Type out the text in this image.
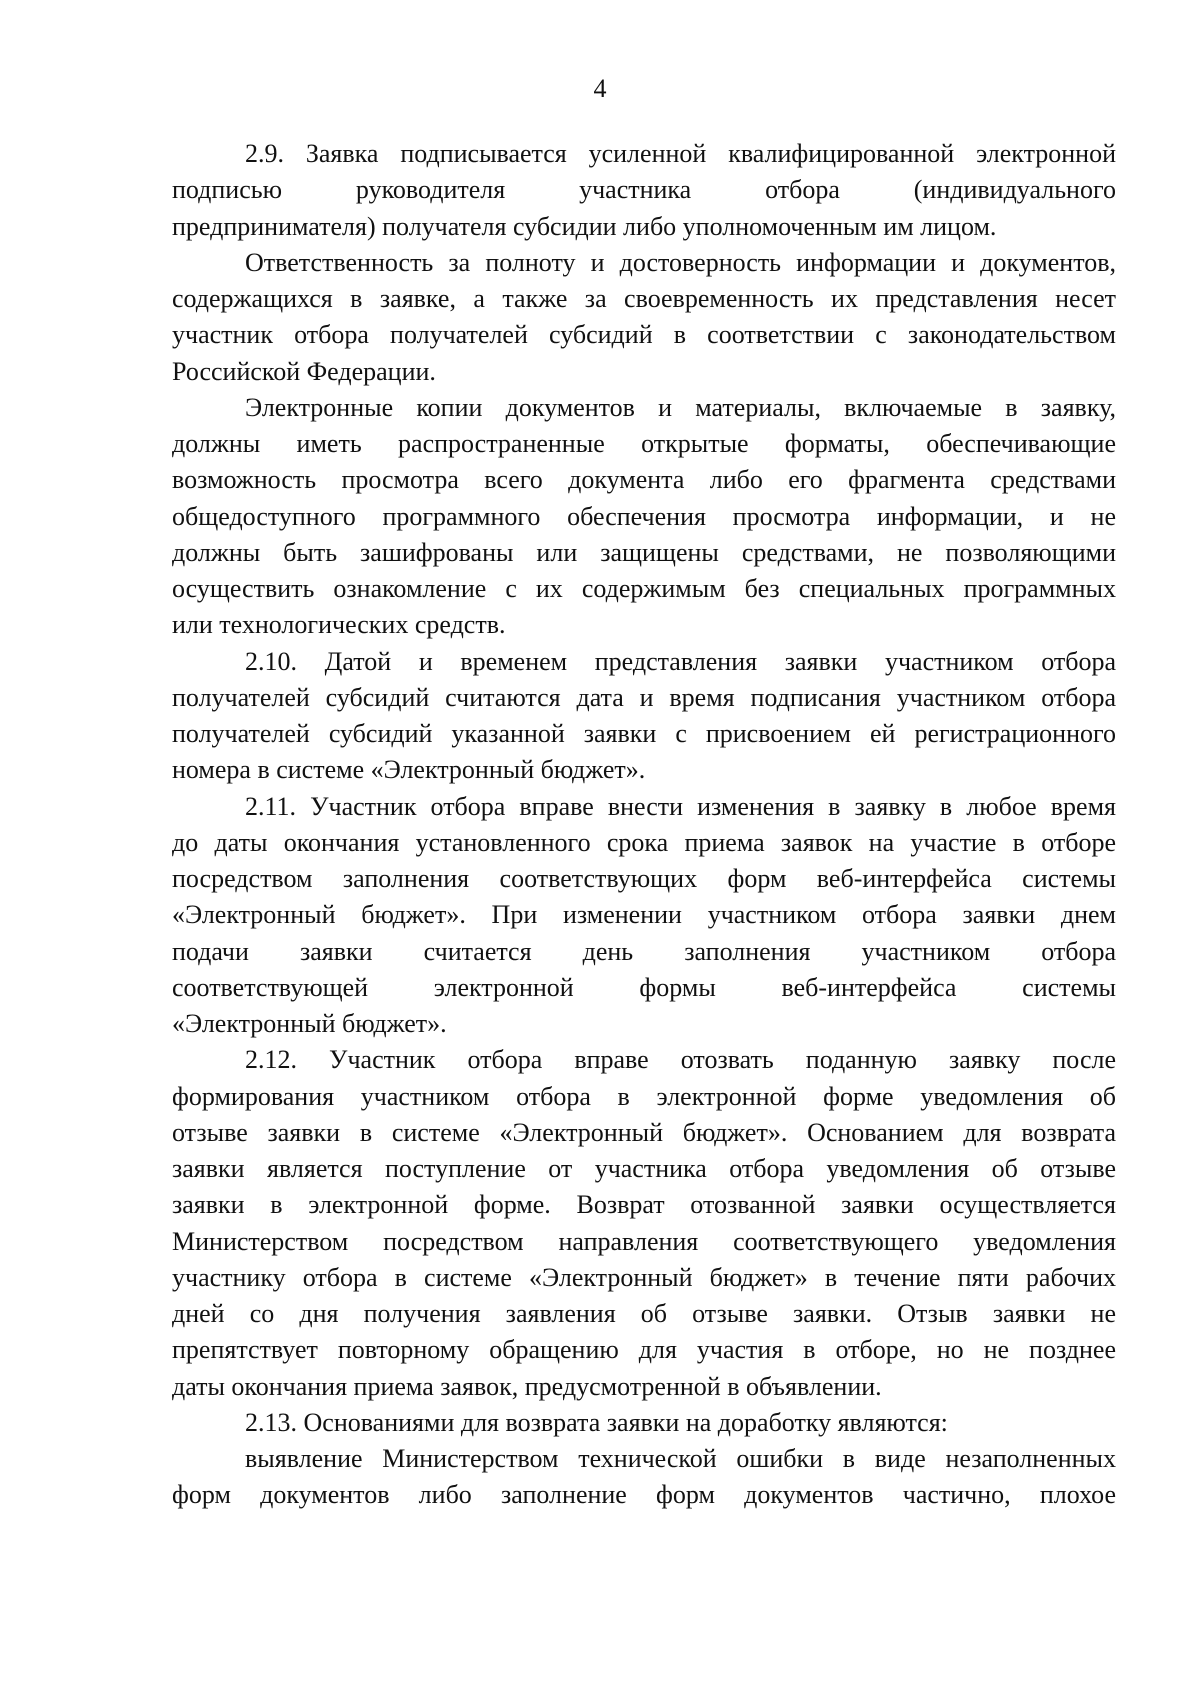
4
2.9. Заявка подписывается усиленной квалифицированной электронной
подписью руководителя участника отбора (индивидуального
предпринимателя) получателя субсидии либо уполномоченным им лицом.
Ответственность за полноту и достоверность информации и документов,
содержащихся в заявке, а также за своевременность их представления несет
участник отбора получателей субсидий в соответствии с законодательством
Российской Федерации.
Электронные копии документов и материалы, включаемые в заявку,
должны иметь распространенные открытые форматы, обеспечивающие
возможность просмотра всего документа либо его фрагмента средствами
общедоступного программного обеспечения просмотра информации, и не
должны быть зашифрованы или защищены средствами, не позволяющими
осуществить ознакомление с их содержимым без специальных программных
или технологических средств.
2.10. Датой и временем представления заявки участником отбора
получателей субсидий считаются дата и время подписания участником отбора
получателей субсидий указанной заявки с присвоением ей регистрационного
номера в системе «Электронный бюджет».
2.11. Участник отбора вправе внести изменения в заявку в любое время
до даты окончания установленного срока приема заявок на участие в отборе
посредством заполнения соответствующих форм веб-интерфейса системы
«Электронный бюджет». При изменении участником отбора заявки днем
подачи заявки считается день заполнения участником отбора
соответствующей электронной формы веб-интерфейса системы
«Электронный бюджет».
2.12. Участник отбора вправе отозвать поданную заявку после
формирования участником отбора в электронной форме уведомления об
отзыве заявки в системе «Электронный бюджет». Основанием для возврата
заявки является поступление от участника отбора уведомления об отзыве
заявки в электронной форме. Возврат отозванной заявки осуществляется
Министерством посредством направления соответствующего уведомления
участнику отбора в системе «Электронный бюджет» в течение пяти рабочих
дней со дня получения заявления об отзыве заявки. Отзыв заявки не
препятствует повторному обращению для участия в отборе, но не позднее
даты окончания приема заявок, предусмотренной в объявлении.
2.13. Основаниями для возврата заявки на доработку являются:
выявление Министерством технической ошибки в виде незаполненных
форм документов либо заполнение форм документов частично, плохое
